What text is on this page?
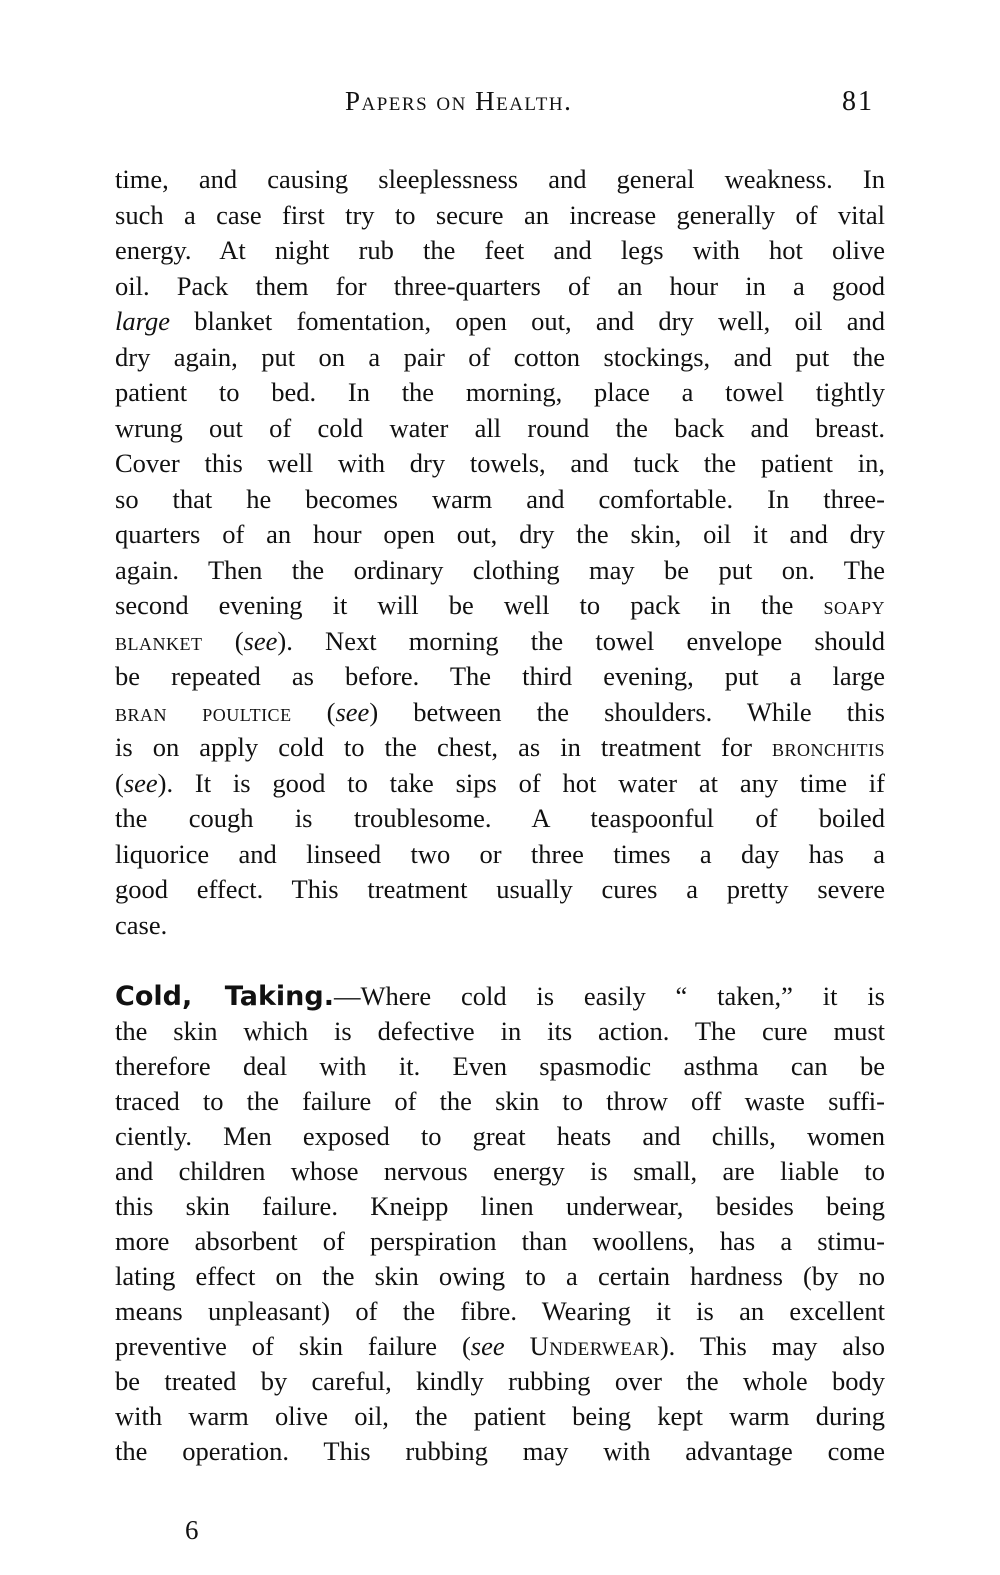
Papers on Health.	81
time, and causing sleeplessness and general weakness. In
such a case first try to secure an increase generally of vital
energy. At night rub the feet and legs with hot olive
oil. Pack them for three-quarters of an hour in a good
large blanket fomentation, open out, and dry well, oil and
dry again, put on a pair of cotton stockings, and put the
patient to bed. In the morning, place a towel tightly
wrung out of cold water all round the back and breast.
Cover this well with dry towels, and tuck the patient in,
so that he becomes warm and comfortable. In three-
quarters of an hour open out, dry the skin, oil it and dry
again. Then the ordinary clothing may be put on. The
second evening it will be well to pack in the soapy
blanket (see). Next morning the towel envelope should
be repeated as before. The third evening, put a large
bran poultice (see) between the shoulders. While this
is on apply cold to the chest, as in treatment for bronchitis
(see). It is good to take sips of hot water at any time if
the cough is troublesome. A teaspoonful of boiled
liquorice and linseed two or three times a day has a
good effect. This treatment usually cures a pretty severe
case.
Cold, Taking.—Where cold is easily “ taken,” it is
the skin which is defective in its action. The cure must
therefore deal with it. Even spasmodic asthma can be
traced to the failure of the skin to throw off waste suffi-
ciently. Men exposed to great heats and chills, women
and children whose nervous energy is small, are liable to
this skin failure. Kneipp linen underwear, besides being
more absorbent of perspiration than woollens, has a stimu-
lating effect on the skin owing to a certain hardness (by no
means unpleasant) of the fibre. Wearing it is an excellent
preventive of skin failure (see Underwear). This may also
be treated by careful, kindly rubbing over the whole body
with warm olive oil, the patient being kept warm during
the operation. This rubbing may with advantage come
6
